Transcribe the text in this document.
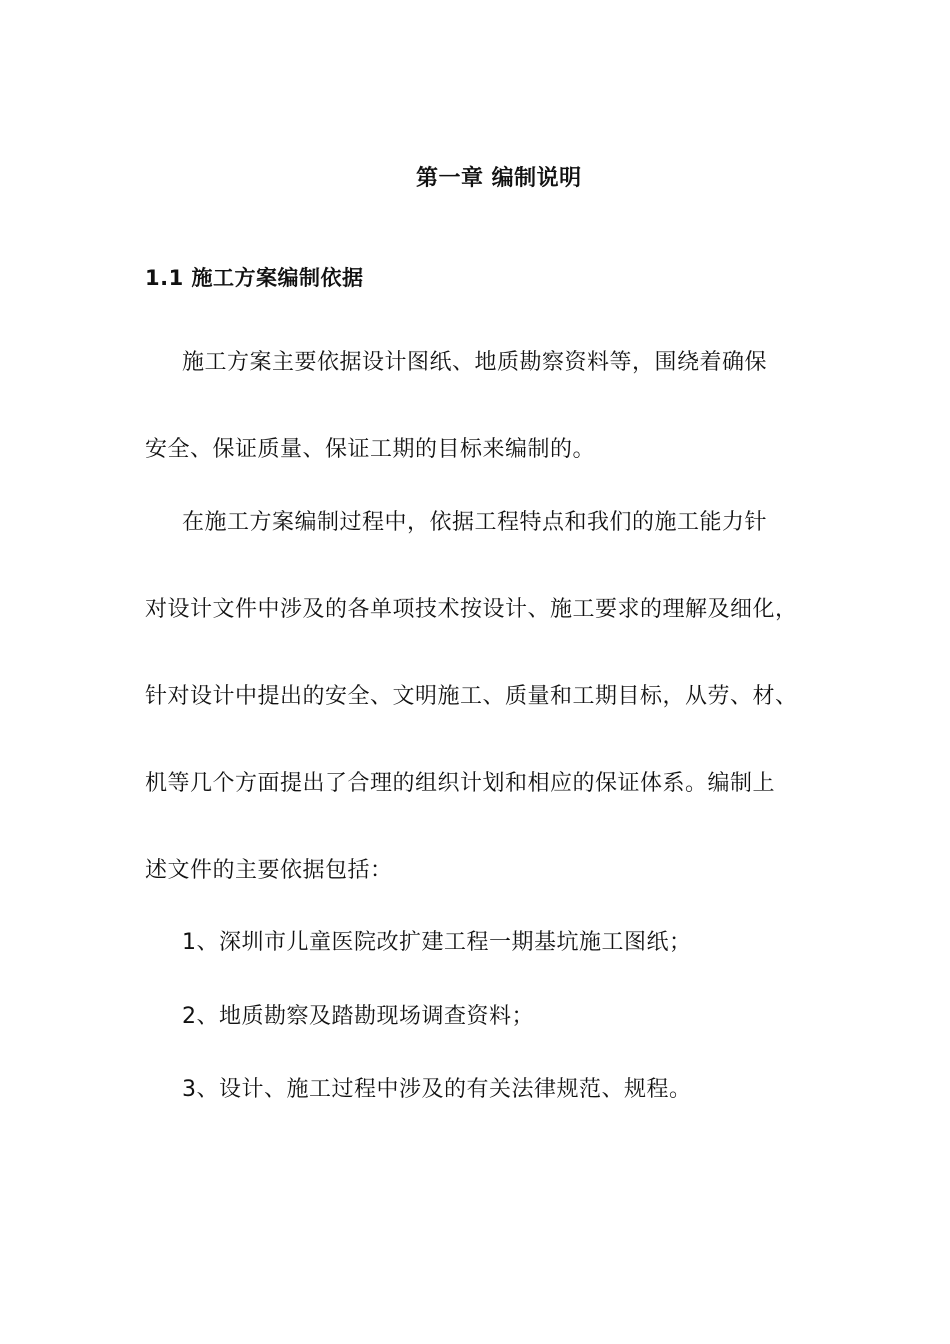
第一章 编制说明
1.1 施工方案编制依据
施工方案主要依据设计图纸、地质勘察资料等，围绕着确保
安全、保证质量、保证工期的目标来编制的。
在施工方案编制过程中，依据工程特点和我们的施工能力针
对设计文件中涉及的各单项技术按设计、施工要求的理解及细化，
针对设计中提出的安全、文明施工、质量和工期目标，从劳、材、
机等几个方面提出了合理的组织计划和相应的保证体系。编制上
述文件的主要依据包括：
1、深圳市儿童医院改扩建工程一期基坑施工图纸；
2、地质勘察及踏勘现场调查资料；
3、设计、施工过程中涉及的有关法律规范、规程。
